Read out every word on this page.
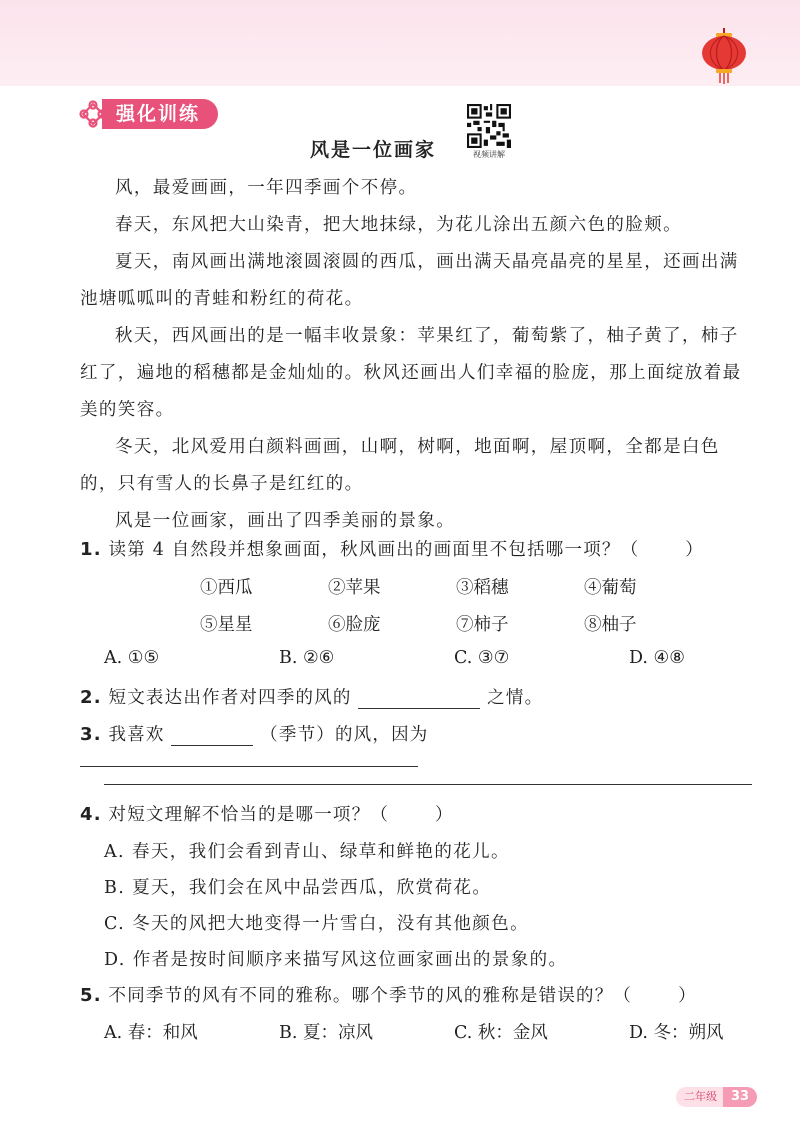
强化训练
视频讲解
风是一位画家

风，最爱画画，一年四季画个不停。

春天，东风把大山染青，把大地抹绿，为花儿涂出五颜六色的脸颊。

夏天，南风画出满地滚圆滚圆的西瓜，画出满天晶亮晶亮的星星，还画出满池塘呱呱叫的青蛙和粉红的荷花。

秋天，西风画出的是一幅丰收景象：苹果红了，葡萄紫了，柚子黄了，柿子红了，遍地的稻穗都是金灿灿的。秋风还画出人们幸福的脸庞，那上面绽放着最美的笑容。

冬天，北风爱用白颜料画画，山啊，树啊，地面啊，屋顶啊，全都是白色的，只有雪人的长鼻子是红红的。

风是一位画家，画出了四季美丽的景象。

1. 读第 4 自然段并想象画面，秋风画出的画面里不包括哪一项？（	）
①西瓜	②苹果	③稻穗	④葡萄
⑤星星	⑥脸庞	⑦柿子	⑧柚子
A. ①⑤	B. ②⑥	C. ③⑦	D. ④⑧
2. 短文表达出作者对四季的风的	之情。
3. 我喜欢	（季节）的风，因为
4. 对短文理解不恰当的是哪一项？（	）
A. 春天，我们会看到青山、绿草和鲜艳的花儿。
B. 夏天，我们会在风中品尝西瓜，欣赏荷花。
C. 冬天的风把大地变得一片雪白，没有其他颜色。
D. 作者是按时间顺序来描写风这位画家画出的景象的。
5. 不同季节的风有不同的雅称。哪个季节的风的雅称是错误的？（	）
A. 春：和风	B. 夏：凉风	C. 秋：金风	D. 冬：朔风
二年级	33
